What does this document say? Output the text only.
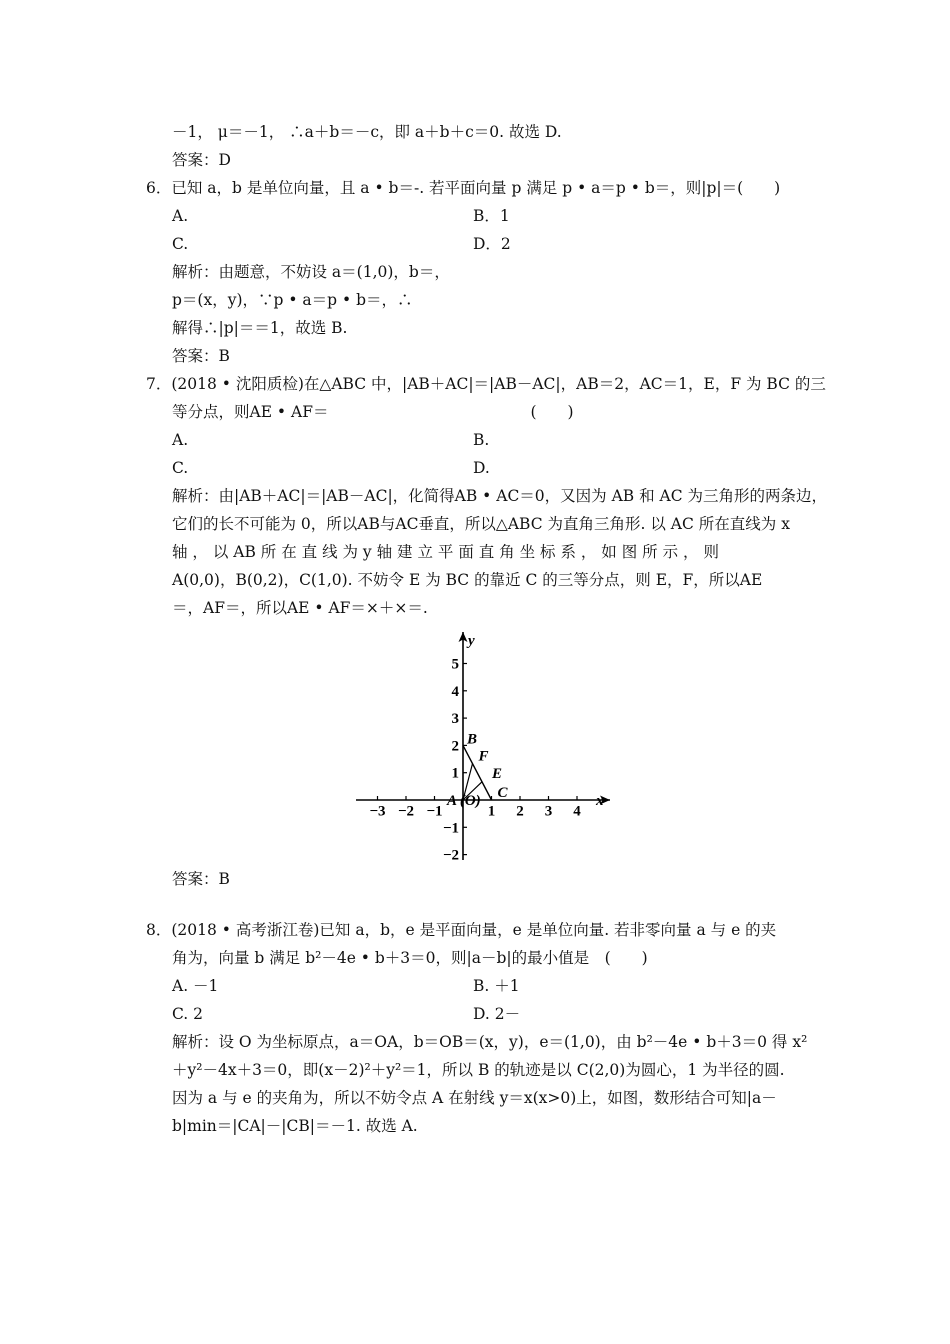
－1， μ＝－1， ∴a＋b＝－c，即 a＋b＋c＝0. 故选 D.
答案：D
6．已知 a，b 是单位向量，且 a • b＝-. 若平面向量 p 满足 p • a＝p • b＝，则|p|＝(　　)
A.	B．1
C.	D．2
解析：由题意，不妨设 a＝(1,0)，b＝，
p＝(x，y)，∵p • a＝p • b＝，∴
解得∴|p|＝＝1，故选 B.
答案：B
7．(2018 • 沈阳质检)在△ABC 中，|AB＋AC|＝|AB－AC|，AB＝2，AC＝1，E，F 为 BC 的三
等分点，则AE • AF＝                                         (　　)
A.	B.
C.	D.
解析：由|AB＋AC|＝|AB－AC|，化简得AB • AC＝0，又因为 AB 和 AC 为三角形的两条边，
它们的长不可能为 0，所以AB与AC垂直，所以△ABC 为直角三角形. 以 AC 所在直线为 x
轴 ， 以 AB 所 在 直 线 为 y 轴 建 立 平 面 直 角 坐 标 系 ， 如 图 所 示 ， 则
A(0,0)，B(0,2)，C(1,0). 不妨令 E 为 BC 的靠近 C 的三等分点，则 E，F，所以AE
＝，AF＝，所以AE • AF＝×＋×＝.
答案：B
8．(2018 • 高考浙江卷)已知 a，b，e 是平面向量，e 是单位向量. 若非零向量 a 与 e 的夹
角为，向量 b 满足 b²－4e • b＋3＝0，则|a－b|的最小值是　(　　)
A. －1	B. ＋1
C. 2	D. 2－
解析：设 O 为坐标原点，a＝OA，b＝OB＝(x，y)，e＝(1,0)，由 b²－4e • b＋3＝0 得 x²
＋y²－4x＋3＝0，即(x－2)²＋y²＝1，所以 B 的轨迹是以 C(2,0)为圆心，1 为半径的圆.
因为 a 与 e 的夹角为，所以不妨令点 A 在射线 y＝x(x>0)上，如图，数形结合可知|a－
b|min＝|CA|－|CB|＝－1. 故选 A.
−3 −2 −1	1 2 3 4
5
4
3
2
1
−1
−2
B
F
E
C	x
y
A (O)
